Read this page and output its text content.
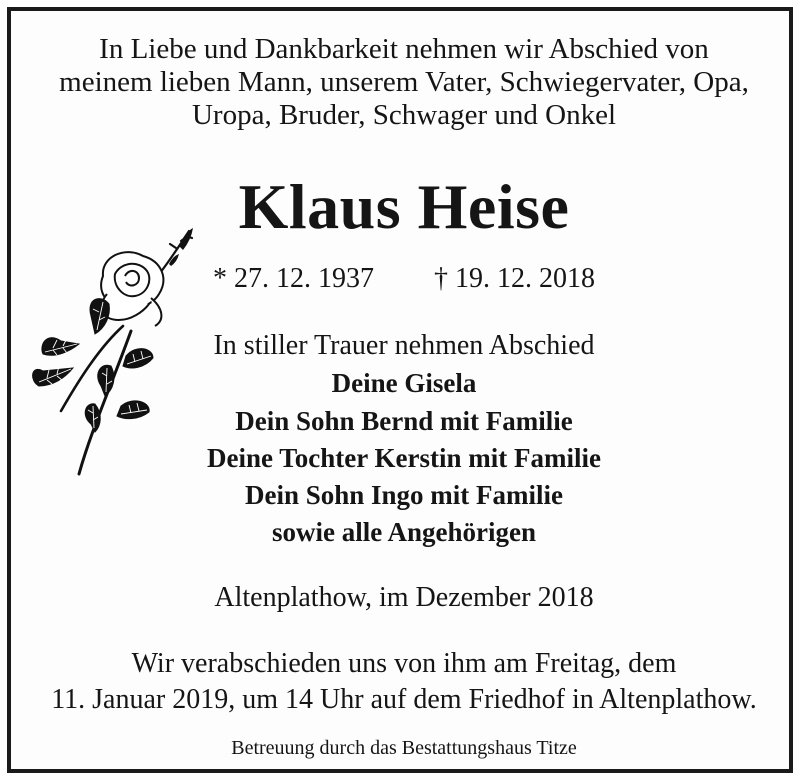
In Liebe und Dankbarkeit nehmen wir Abschied von
meinem lieben Mann, unserem Vater, Schwiegervater, Opa,
Uropa, Bruder, Schwager und Onkel
Klaus Heise
* 27. 12. 1937 † 19. 12. 2018
In stiller Trauer nehmen Abschied
Deine Gisela
Dein Sohn Bernd mit Familie
Deine Tochter Kerstin mit Familie
Dein Sohn Ingo mit Familie
sowie alle Angehörigen
Altenplathow, im Dezember 2018
Wir verabschieden uns von ihm am Freitag, dem
11. Januar 2019, um 14 Uhr auf dem Friedhof in Altenplathow.
Betreuung durch das Bestattungshaus Titze
